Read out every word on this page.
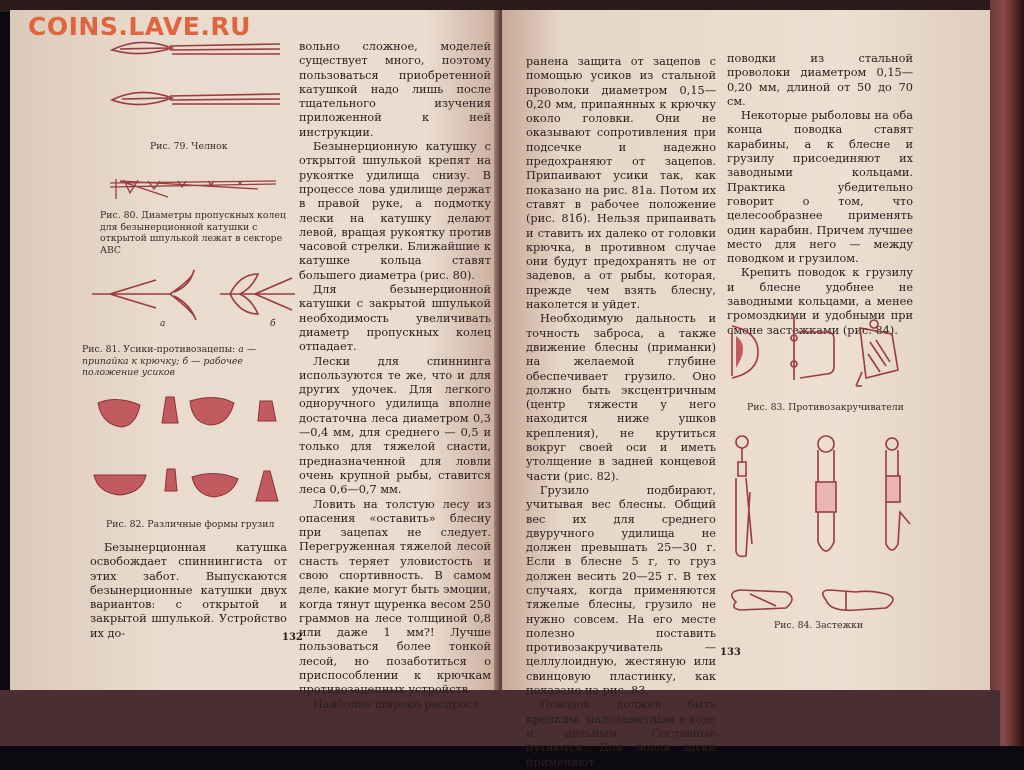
Рис. 79. Челнок
Рис. 80. Диаметры пропускных колец для безынерционной катушки с открытой шпулькой лежат в секторе АВС
а	б
Рис. 81. Усики-противозацепы: а — припайка к крючку; б — рабочее положение усиков
Рис. 82. Различные формы грузил

Безынерционная катушка освобождает спиннингиста от этих забот. Выпускаются безынерционные катушки двух вариантов: с открытой и закрытой шпулькой. Устройство их до-

вольно сложное, моделей существует много, поэтому пользоваться приобретенной катушкой надо лишь после тщательного изучения приложенной к ней инструкции.

Безынерционную катушку с открытой шпулькой крепят на рукоятке удилища снизу. В процессе лова удилище держат в правой руке, а подмотку лески на катушку делают левой, вращая рукоятку против часовой стрелки. Ближайшие к катушке кольца ставят большего диаметра (рис. 80).

Для безынерционной катушки с закрытой шпулькой необходимость увеличивать диаметр пропускных колец отпадает.

Лески для спиннинга используются те же, что и для других удочек. Для легкого одноручного удилища вполне достаточна леса диаметром 0,3—0,4 мм, для среднего — 0,5 и только для тяжелой снасти, предназначенной для ловли очень крупной рыбы, ставится леса 0,6—0,7 мм.

Ловить на толстую лесу из опасения «оставить» блесну при зацепах не следует. Перегруженная тяжелой лесой снасть теряет уловистость и свою спортивность. В самом деле, какие могут быть эмоции, когда тянут щуренка весом 250 граммов на лесе толщиной 0,8 или даже 1 мм?! Лучше пользоваться более тонкой лесой, но позаботиться о приспособлении к крючкам противозацепных устройств.

Наиболее широко распрост-

132

ранена защита от зацепов с помощью усиков из стальной проволоки диаметром 0,15—0,20 мм, припаянных к крючку около головки. Они не оказывают сопротивления при подсечке и надежно предохраняют от зацепов. Припаивают усики так, как показано на рис. 81а. Потом их ставят в рабочее положение (рис. 81б). Нельзя припаивать и ставить их далеко от головки крючка, в противном случае они будут предохранять не от задевов, а от рыбы, которая, прежде чем взять блесну, наколется и уйдет.

Необходимую дальность и точность заброса, а также движение блесны (приманки) на желаемой глубине обеспечивает грузило. Оно должно быть эксцентричным (центр тяжести у него находится ниже ушков крепления), не крутиться вокруг своей оси и иметь утолщение в задней концевой части (рис. 82).

Грузило подбирают, учитывая вес блесны. Общий вес их для среднего двуручного удилища не должен превышать 25—30 г. Если в блесне 5 г, то груз должен весить 20—25 г. В тех случаях, когда применяются тяжелые блесны, грузило не нужно совсем. На его месте полезно поставить противозакручиватель — целлулоидную, жестяную или свинцовую пластинку, как показано на рис. 83.

Поводок должен быть крепким, малозаметным в воде и цельным. Составные путаются. Для ловли щуки применяют

поводки из стальной проволоки диаметром 0,15—0,20 мм, длиной от 50 до 70 см.

Некоторые рыболовы на оба конца поводка ставят карабины, а к блесне и грузилу присоединяют их заводными кольцами. Практика убедительно говорит о том, что целесообразнее применять один карабин. Причем лучшее место для него — между поводком и грузилом.

Крепить поводок к грузилу и блесне удобнее не заводными кольцами, а менее громоздкими и удобными при смене застежками (рис. 84).

Рис. 83. Противозакручиватели
Рис. 84. Застежки
133
COINS.LAVE.RU
